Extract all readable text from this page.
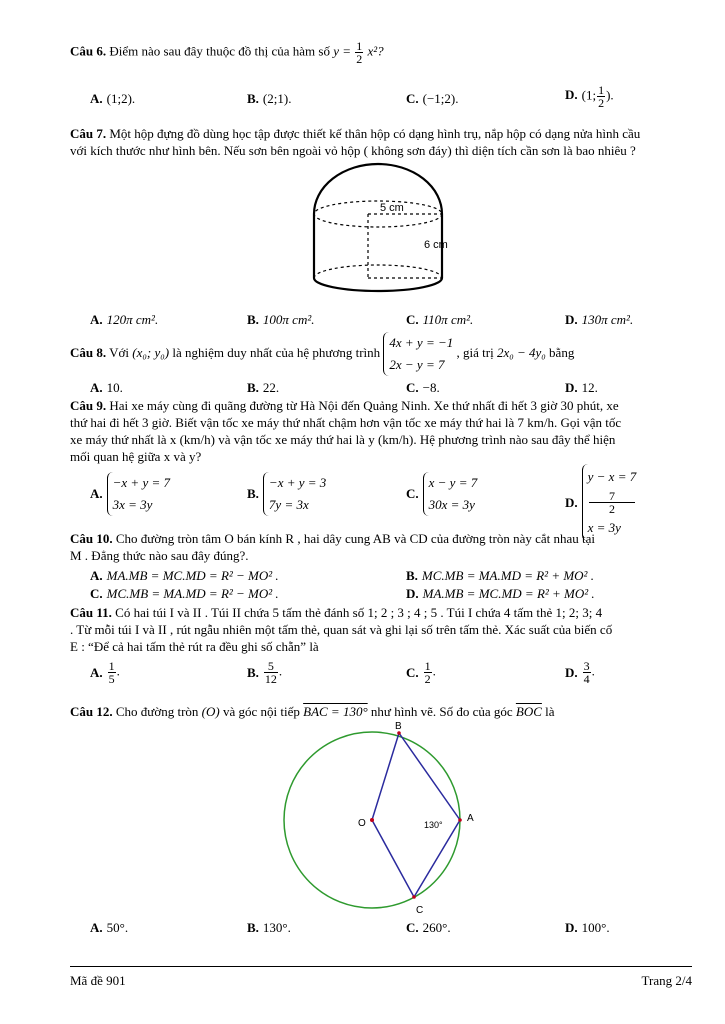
Câu 6. Điểm nào sau đây thuộc đồ thị của hàm số $y = \frac{1}{2} x^2$?
A. (1;2).	B. (2;1).	C. (−1;2).	D. (1; $\frac{1}{2}$ ).
Câu 7. Một hộp đựng đồ dùng học tập được thiết kế thân hộp có dạng hình trụ, nắp hộp có dạng nửa hình cầu
với kích thước như hình bên. Nếu sơn bên ngoài vỏ hộp ( không sơn đáy) thì diện tích cần sơn là bao nhiêu ?
5 cm
6 cm
A. 120π cm².	B. 100π cm².	C. 110π cm².	D. 130π cm².
Câu 8. Với (x₀; y₀) là nghiệm duy nhất của hệ phương trình
4x + y = −1
2x − y = 7
, giá trị 2x₀ − 4y₀ bằng
A. 10.	B. 22.	C. −8.	D. 12.
Câu 9. Hai xe máy cùng đi quãng đường từ Hà Nội đến Quảng Ninh. Xe thứ nhất đi hết 3 giờ 30 phút, xe
thứ hai đi hết 3 giờ. Biết vận tốc xe máy thứ nhất chậm hơn vận tốc xe máy thứ hai là 7 km/h. Gọi vận tốc
xe máy thứ nhất là x (km/h) và vận tốc xe máy thứ hai là y (km/h). Hệ phương trình nào sau đây thể hiện
mối quan hệ giữa x và y?
A.
−x + y = 7
3x = 3y
B.
−x + y = 3
7y = 3x
C.
x − y = 7
30x = 3y	D.
y − x = 7
7
2
x = 3y
Câu 10. Cho đường tròn tâm O bán kính R , hai dây cung AB và CD của đường tròn này cắt nhau tại
M . Đẳng thức nào sau đây đúng?.
A. MA.MB = MC.MD = R² − MO² .	B. MC.MB = MA.MD = R² + MO² .
C. MC.MB = MA.MD = R² − MO² .	D. MA.MB = MC.MD = R² + MO² .
Câu 11. Có hai túi I và II . Túi II chứa 5 tấm thẻ đánh số 1; 2 ; 3 ; 4 ; 5 . Túi I chứa 4 tấm thẻ 1; 2; 3; 4
. Từ mỗi túi I và II , rút ngẫu nhiên một tấm thẻ, quan sát và ghi lại số trên tấm thẻ. Xác suất của biến cố
E : “Để cả hai tấm thẻ rút ra đều ghi số chẵn” là
A. $\frac{1}{5}$ .	B. $\frac{5}{12}$ .	C. $\frac{1}{2}$ .	D. $\frac{3}{4}$ .
Câu 12. Cho đường tròn (O) và góc nội tiếp BAC = 130° như hình vẽ. Số đo của góc $\overline{BOC}$ là
B
A
C
O	130°
A. 50°.	B. 130°.	C. 260°.	D. 100°.
Mã đề 901	Trang 2/4
